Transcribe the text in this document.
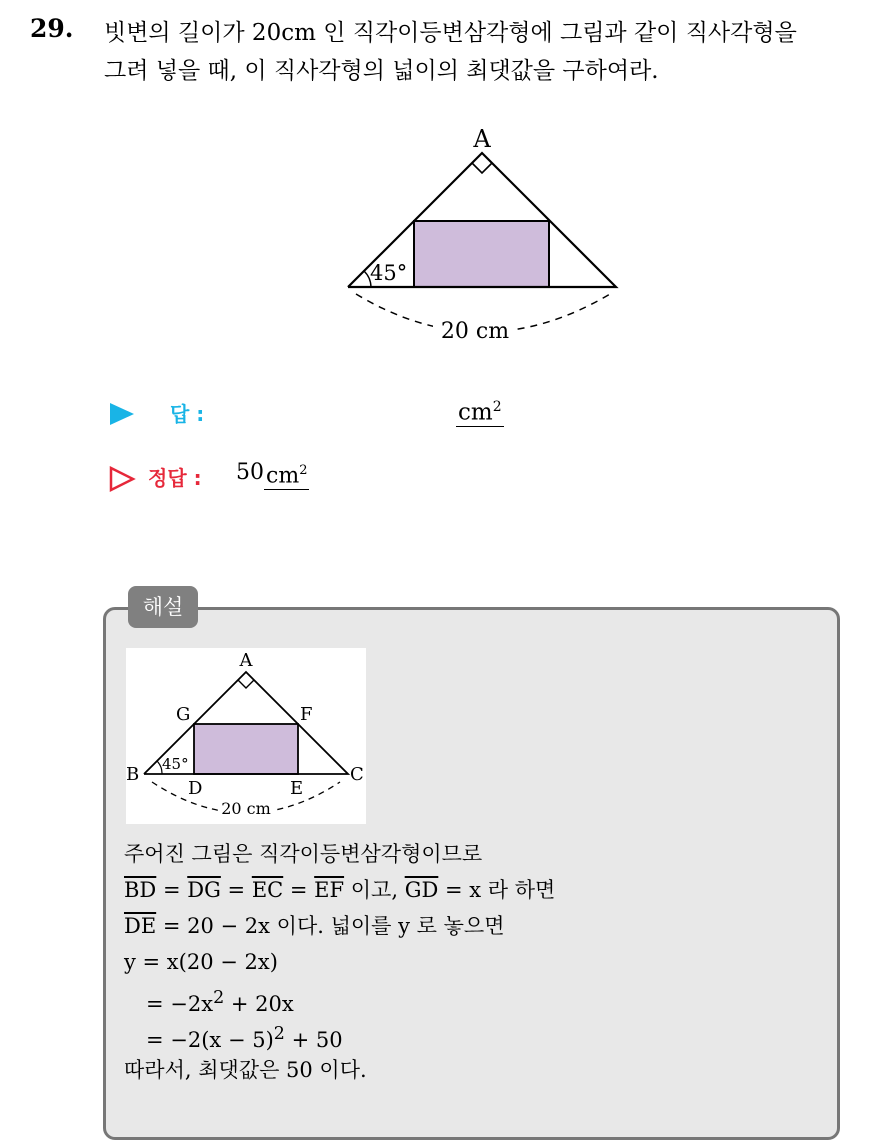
29. 빗변의 길이가 20cm 인 직각이등변삼각형에 그림과 같이 직사각형을
그려 넣을 때, 이 직사각형의 넓이의 최댓값을 구하여라.
A
45°
20 cm
답 :	$cm^2$
정답 : 50 $cm^2$
해설
A
G	F
B	C
D	E
45°
20 cm
주어진 그림은 직각이등변삼각형이므로
$\overline{BD} = \overline{DG} = \overline{EC} = \overline{EF}$ 이고, $\overline{GD} = x$ 라 하면
$\overline{DE} = 20 - 2x$ 이다. 넓이를 y 로 놓으면
y = x(20 − 2x)
= $-2x^2 + 20x$
= $-2(x - 5)^2 + 50$
따라서, 최댓값은 50 이다.
